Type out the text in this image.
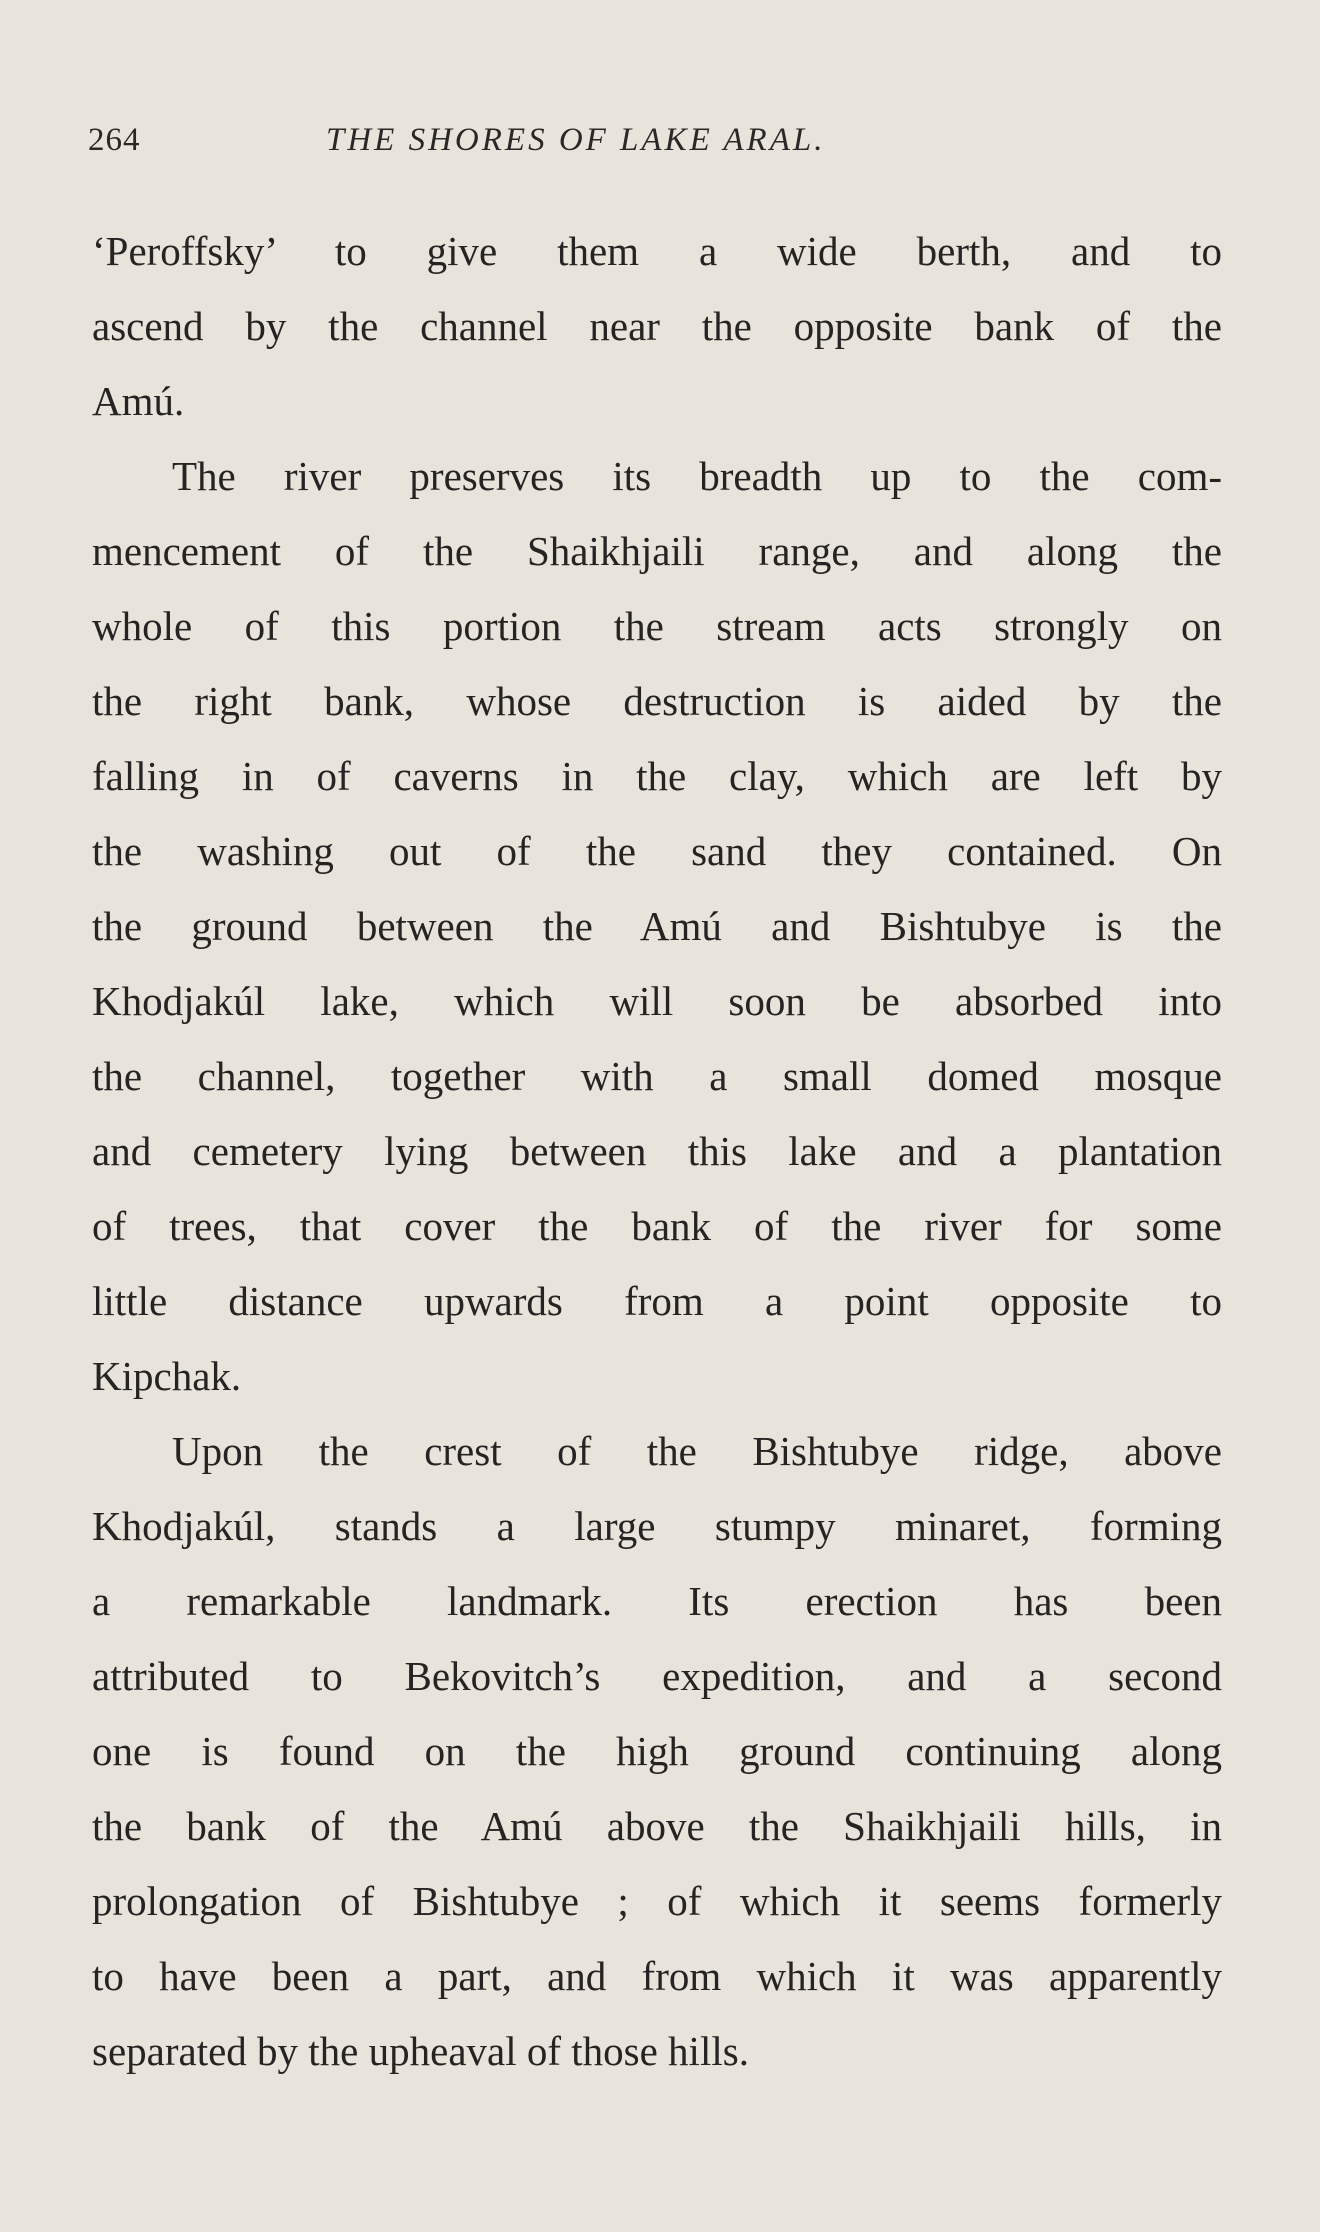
264	THE SHORES OF LAKE ARAL.
‘Peroffsky’ to give them a wide berth, and to
ascend by the channel near the opposite bank of the
Amú.
The river preserves its breadth up to the com-
mencement of the Shaikhjaili range, and along the
whole of this portion the stream acts strongly on
the right bank, whose destruction is aided by the
falling in of caverns in the clay, which are left by
the washing out of the sand they contained. On
the ground between the Amú and Bishtubye is the
Khodjakúl lake, which will soon be absorbed into
the channel, together with a small domed mosque
and cemetery lying between this lake and a plantation
of trees, that cover the bank of the river for some
little distance upwards from a point opposite to
Kipchak.
Upon the crest of the Bishtubye ridge, above
Khodjakúl, stands a large stumpy minaret, forming
a remarkable landmark. Its erection has been
attributed to Bekovitch’s expedition, and a second
one is found on the high ground continuing along
the bank of the Amú above the Shaikhjaili hills, in
prolongation of Bishtubye ; of which it seems formerly
to have been a part, and from which it was apparently
separated by the upheaval of those hills.
